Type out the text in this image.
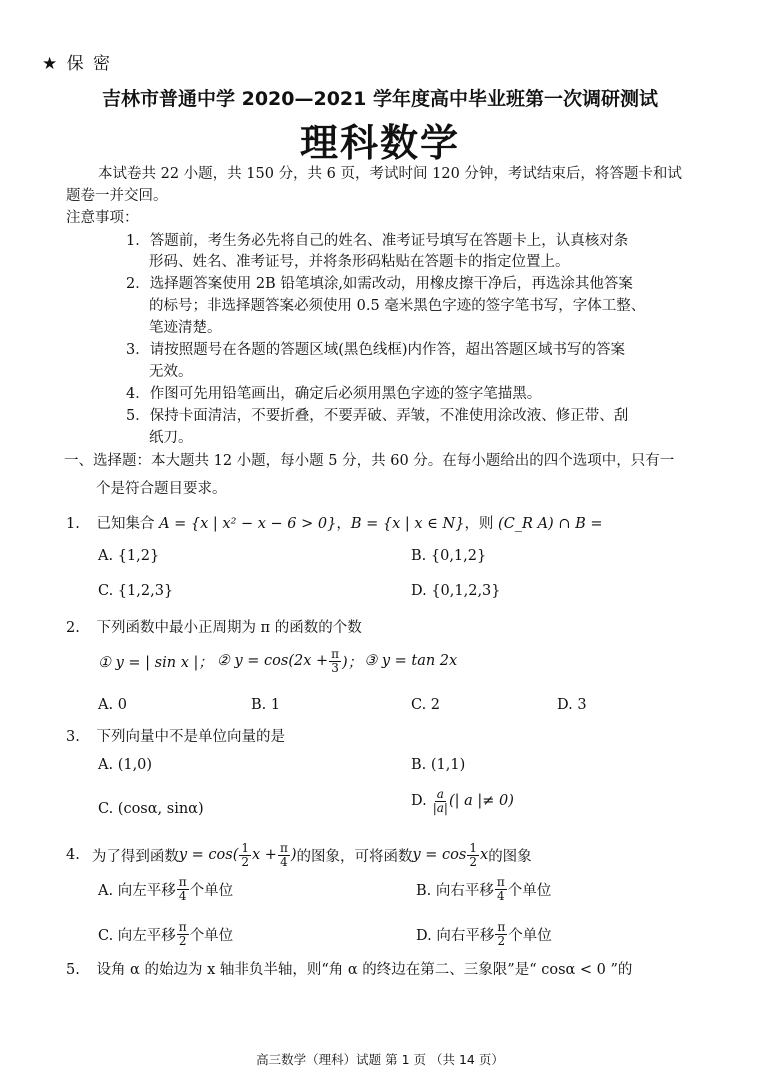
★ 保 密
吉林市普通中学 2020—2021 学年度高中毕业班第一次调研测试
理科数学
本试卷共 22 小题，共 150 分，共 6 页，考试时间 120 分钟，考试结束后，将答题卡和试
题卷一并交回。
注意事项：
1．答题前，考生务必先将自己的姓名、准考证号填写在答题卡上，认真核对条
形码、姓名、准考证号，并将条形码粘贴在答题卡的指定位置上。
2．选择题答案使用 2B 铅笔填涂,如需改动，用橡皮擦干净后，再选涂其他答案
的标号；非选择题答案必须使用 0.5 毫米黑色字迹的签字笔书写，字体工整、
笔迹清楚。
3．请按照题号在各题的答题区域(黑色线框)内作答，超出答题区域书写的答案
无效。
4．作图可先用铅笔画出，确定后必须用黑色字迹的签字笔描黑。
5．保持卡面清洁，不要折叠，不要弄破、弄皱，不准使用涂改液、修正带、刮
纸刀。
一、选择题：本大题共 12 小题，每小题 5 分，共 60 分。在每小题给出的四个选项中，只有一
个是符合题目要求。
1. 已知集合 A = {x | x² − x − 6 > 0}，B = {x | x ∈ N}，则 (C_R A) ∩ B =
A. {1,2}	B. {0,1,2}
C. {1,2,3}	D. {0,1,2,3}
2. 下列函数中最小正周期为 π 的函数的个数
① y = | sin x |； ② $y = \cos(2x + \frac{\pi}{3}$ )； ③ y = tan 2x
A. 0	B. 1	C. 2	D. 3
3. 下列向量中不是单位向量的是
A. (1,0)	B. (1,1)
C. (cosα, sinα)	D. $\frac{a}{|a|}$ (| a |≠ 0)
4. 为了得到函数 $y = \cos( \frac{1}{2}$ $x + \frac{\pi}{4}$ ) 的图象，可将函数 $y = \cos \frac{1}{2}$ x 的图象
A. 向左平移 $\frac{\pi}{4}$ 个单位	B. 向右平移 $\frac{\pi}{4}$ 个单位
C. 向左平移 $\frac{\pi}{2}$ 个单位	D. 向右平移 $\frac{\pi}{2}$ 个单位
5. 设角 α 的始边为 x 轴非负半轴，则“角 α 的终边在第二、三象限”是“ cosα < 0 ”的
高三数学（理科）试题 第 1 页 （共 14 页）
